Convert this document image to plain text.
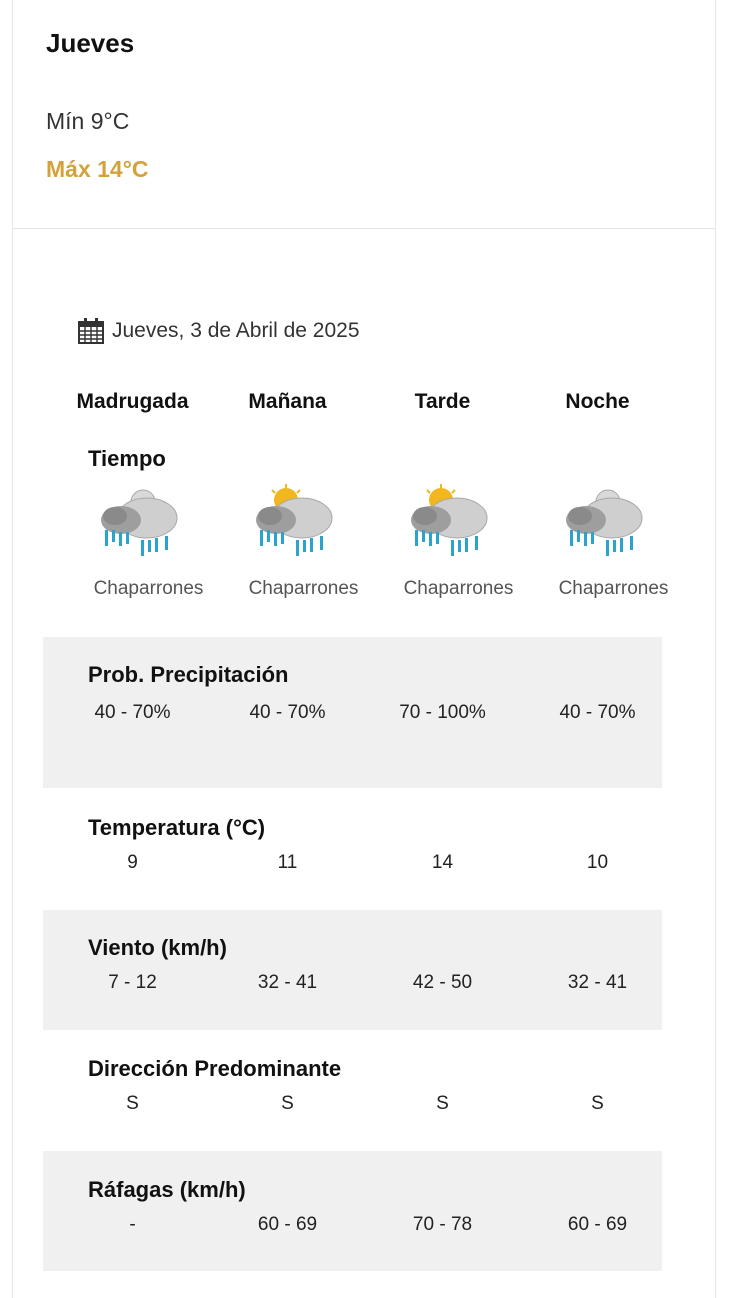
Jueves
Mín 9°C
Máx 14°C
Jueves, 3 de Abril de 2025
Madrugada	Mañana	Tarde	Noche
Tiempo
Chaparrones	Chaparrones	Chaparrones	Chaparrones
Prob. Precipitación
40 - 70%	40 - 70%	70 - 100%	40 - 70%
Temperatura (°C)
9	11	14	10
Viento (km/h)
7 - 12	32 - 41	42 - 50	32 - 41
Dirección Predominante
S	S	S	S
Ráfagas (km/h)
-	60 - 69	70 - 78	60 - 69
